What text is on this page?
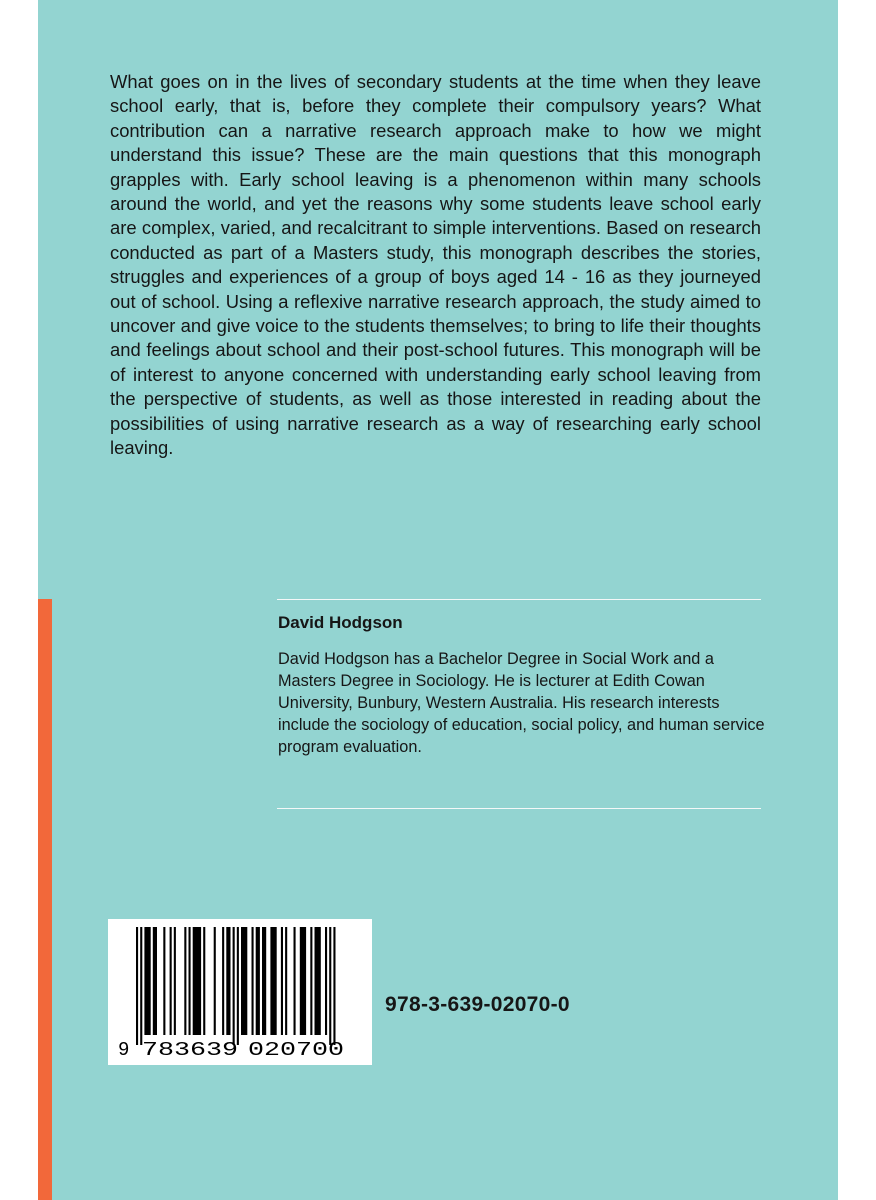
What goes on in the lives of secondary students at the time when they leave school early, that is, before they complete their compulsory years? What contribution can a narrative research approach make to how we might understand this issue? These are the main questions that this monograph grapples with. Early school leaving is a phenomenon within many schools around the world, and yet the reasons why some students leave school early are complex, varied, and recalcitrant to simple interventions. Based on research conducted as part of a Masters study, this monograph describes the stories, struggles and experiences of a group of boys aged 14 - 16 as they journeyed out of school. Using a reflexive narrative research approach, the study aimed to uncover and give voice to the students themselves; to bring to life their thoughts and feelings about school and their post-school futures. This monograph will be of interest to anyone concerned with understanding early school leaving from the perspective of students, as well as those interested in reading about the possibilities of using narrative research as a way of researching early school leaving.

David Hodgson

David Hodgson has a Bachelor Degree in Social Work and a Masters Degree in Sociology. He is lecturer at Edith Cowan University, Bunbury, Western Australia. His research interests include the sociology of education, social policy, and human service program evaluation.

9 783639 020700

978-3-639-02070-0
